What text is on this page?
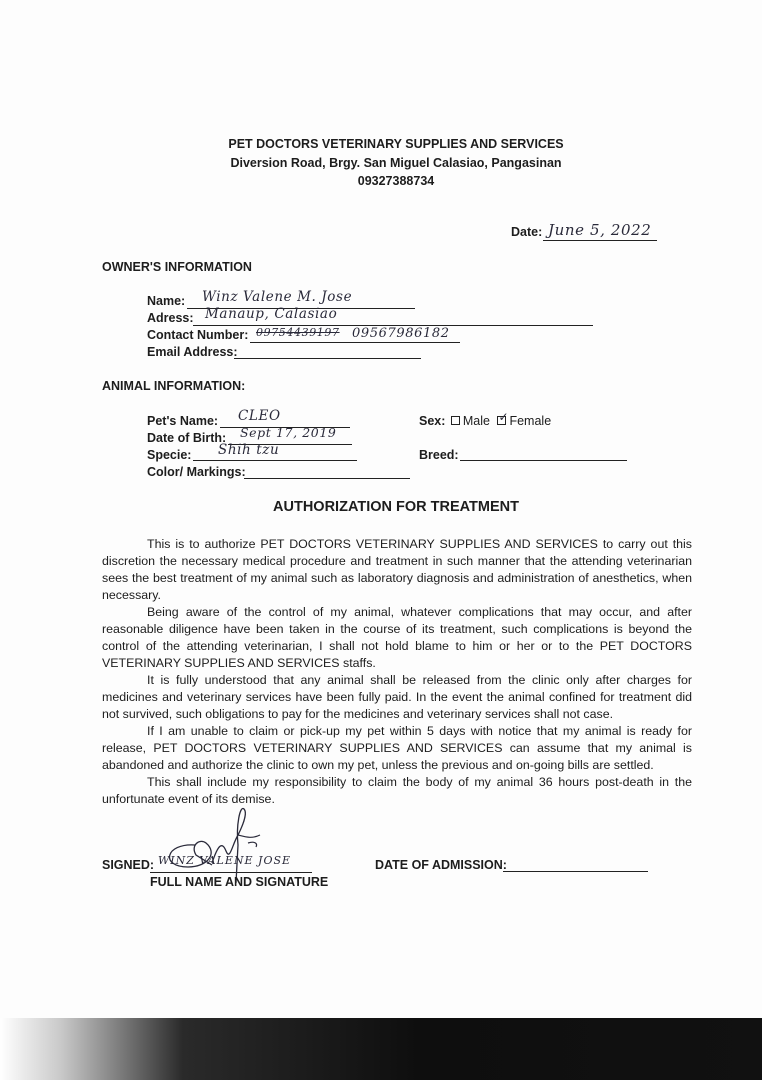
PET DOCTORS VETERINARY SUPPLIES AND SERVICES
Diversion Road, Brgy. San Miguel Calasiao, Pangasinan
09327388734
Date: June 5, 2022
OWNER'S INFORMATION
Name: Winz Valene M. Jose
Adress: Manaup, Calasiao
Contact Number: 09754439197 09567986182
Email Address:
ANIMAL INFORMATION:
Pet's Name: CLEO
Date of Birth: Sept 17, 2019
Specie: Shih tzu
Color/ Markings:
Sex: Male ✓ Female
Breed:
AUTHORIZATION FOR TREATMENT

This is to authorize PET DOCTORS VETERINARY SUPPLIES AND SERVICES to carry out this discretion the necessary medical procedure and treatment in such manner that the attending veterinarian sees the best treatment of my animal such as laboratory diagnosis and administration of anesthetics, when necessary.

Being aware of the control of my animal, whatever complications that may occur, and after reasonable diligence have been taken in the course of its treatment, such complications is beyond the control of the attending veterinarian, I shall not hold blame to him or her or to the PET DOCTORS VETERINARY SUPPLIES AND SERVICES staffs.

It is fully understood that any animal shall be released from the clinic only after charges for medicines and veterinary services have been fully paid. In the event the animal confined for treatment did not survived, such obligations to pay for the medicines and veterinary services shall not case.

If I am unable to claim or pick-up my pet within 5 days with notice that my animal is ready for release, PET DOCTORS VETERINARY SUPPLIES AND SERVICES can assume that my animal is abandoned and authorize the clinic to own my pet, unless the previous and on-going bills are settled.

This shall include my responsibility to claim the body of my animal 36 hours post-death in the unfortunate event of its demise.

SIGNED: WINZ VALENE JOSE
FULL NAME AND SIGNATURE
DATE OF ADMISSION:
